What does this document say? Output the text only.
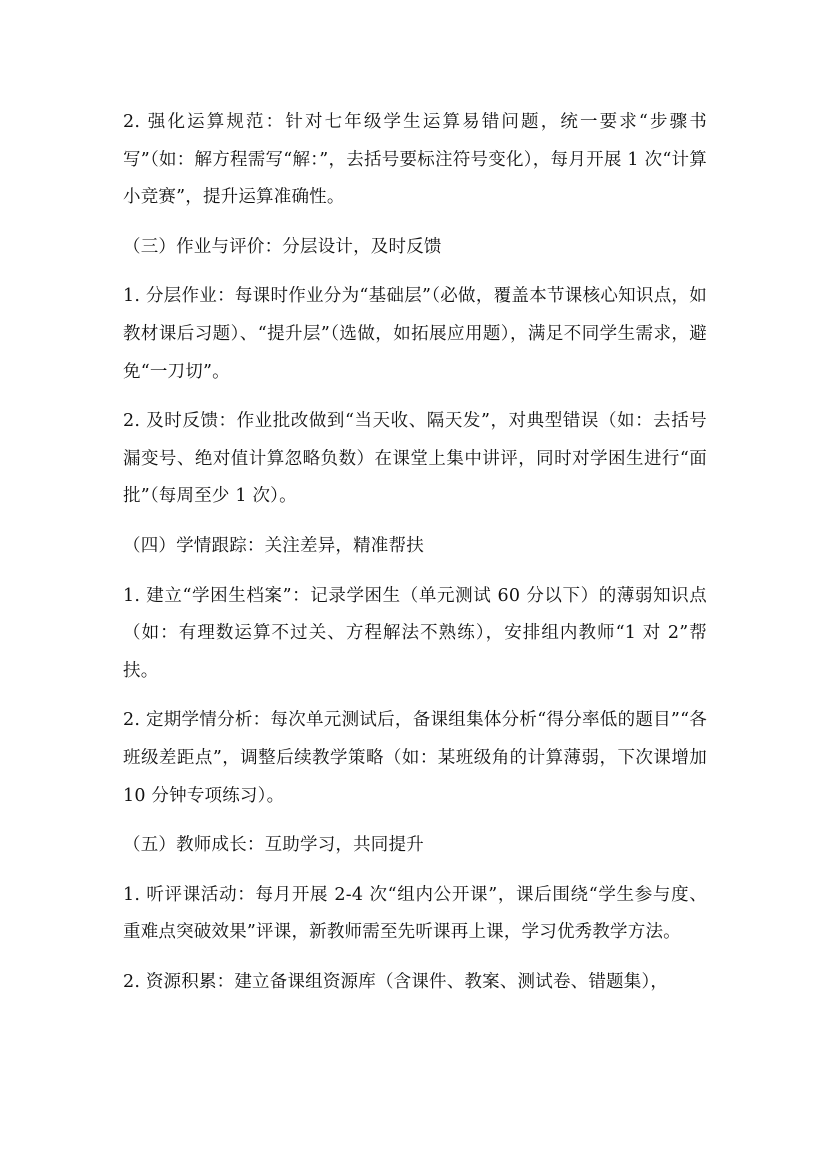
2. 强化运算规范：针对七年级学生运算易错问题，统一要求“步骤书写”（如：解方程需写“解：”，去括号要标注符号变化），每月开展 1 次“计算小竞赛”，提升运算准确性。

（三）作业与评价：分层设计，及时反馈

1. 分层作业：每课时作业分为“基础层”（必做，覆盖本节课核心知识点，如教材课后习题）、“提升层”（选做，如拓展应用题），满足不同学生需求，避免“一刀切”。

2. 及时反馈：作业批改做到“当天收、隔天发”，对典型错误（如：去括号漏变号、绝对值计算忽略负数）在课堂上集中讲评，同时对学困生进行“面批”（每周至少 1 次）。

（四）学情跟踪：关注差异，精准帮扶

1. 建立“学困生档案”：记录学困生（单元测试 60 分以下）的薄弱知识点（如：有理数运算不过关、方程解法不熟练），安排组内教师“1 对 2”帮扶。

2. 定期学情分析：每次单元测试后，备课组集体分析“得分率低的题目”“各班级差距点”，调整后续教学策略（如：某班级角的计算薄弱，下次课增加 10 分钟专项练习）。

（五）教师成长：互助学习，共同提升

1. 听评课活动：每月开展 2-4 次“组内公开课”，课后围绕“学生参与度、重难点突破效果”评课，新教师需至先听课再上课，学习优秀教学方法。

2. 资源积累：建立备课组资源库（含课件、教案、测试卷、错题集），
